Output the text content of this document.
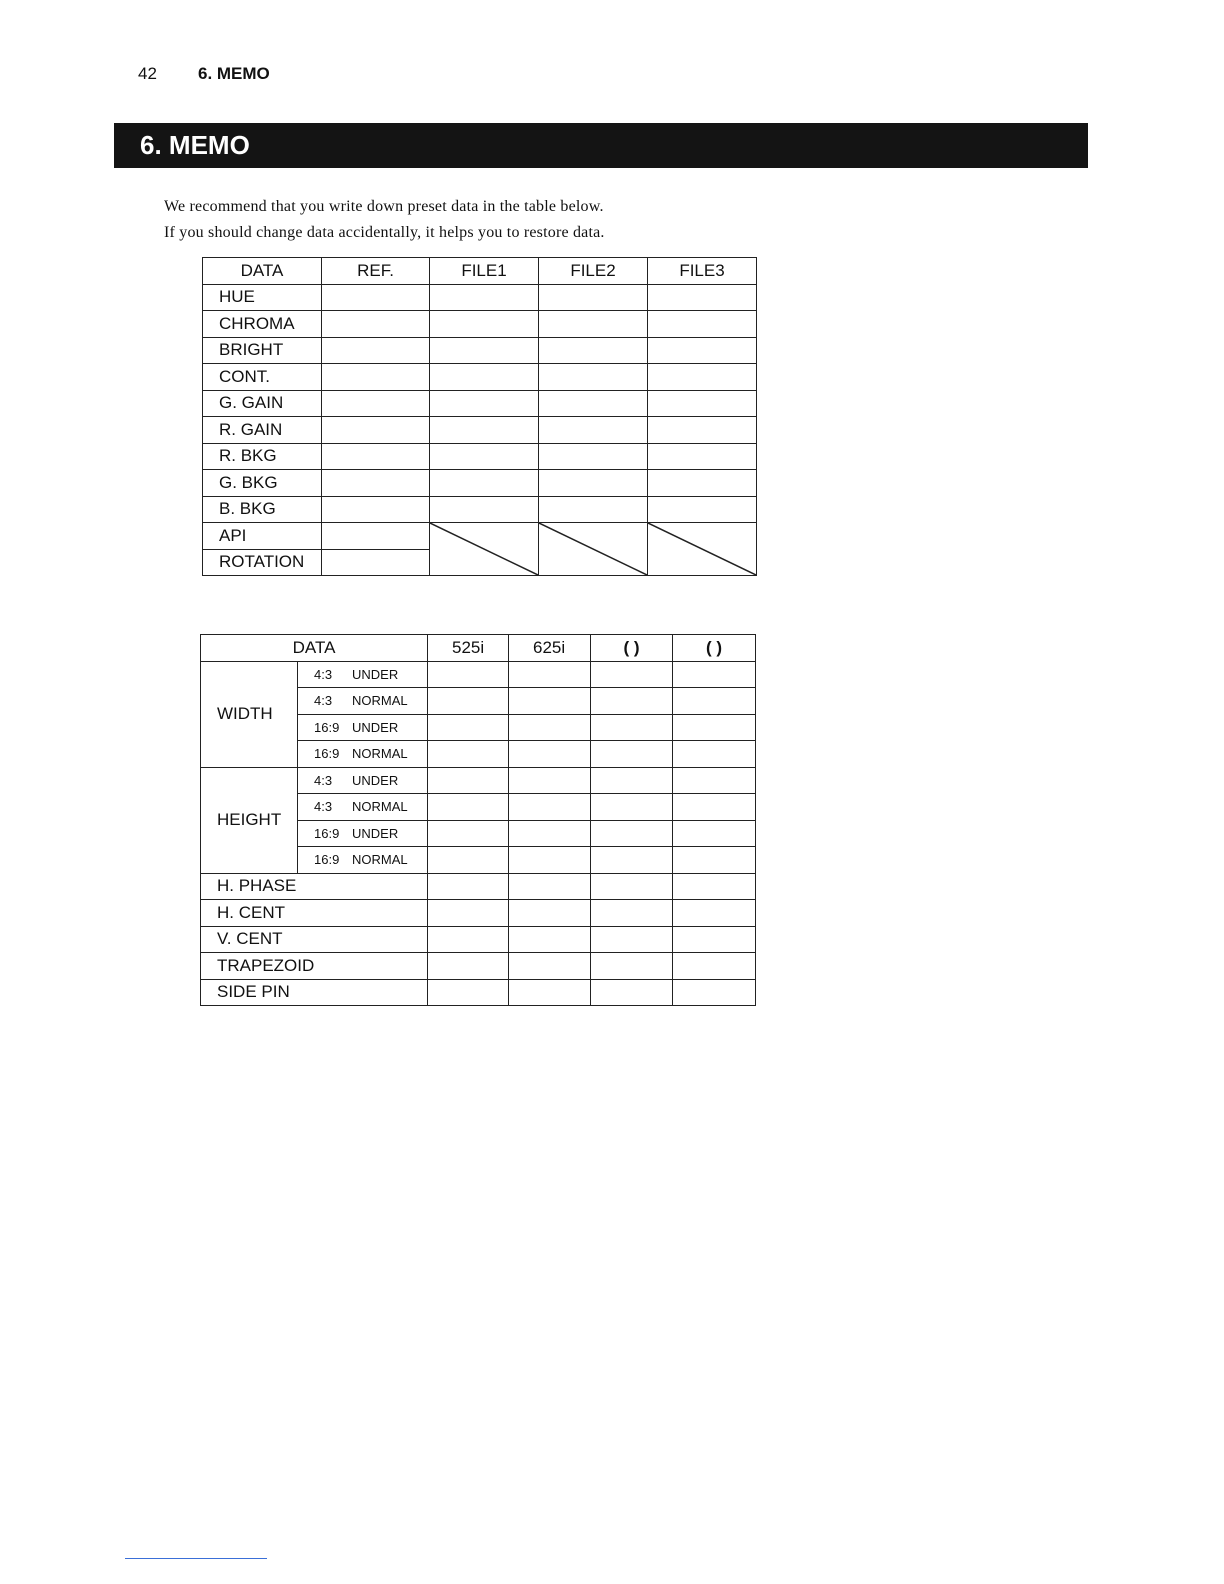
42	6. MEMO
6. MEMO

We recommend that you write down preset data in the table below.

If you should change data accidentally, it helps you to restore data.

DATA	REF.	FILE1	FILE2	FILE3
HUE				
CHROMA				
BRIGHT				
CONT.				
G. GAIN				
R. GAIN				
R. BKG				
G. BKG				
B. BKG				
API		

ROTATION				
DATA		525i	625i	( )	( )
WIDTH	4:3 UNDER				
	4:3 NORMAL				
	16:9 UNDER				
	16:9 NORMAL				
HEIGHT	4:3 UNDER				
	4:3 NORMAL				
	16:9 UNDER				
	16:9 NORMAL				
H. PHASE					
H. CENT					
V. CENT					
TRAPEZOID					
SIDE PIN					
